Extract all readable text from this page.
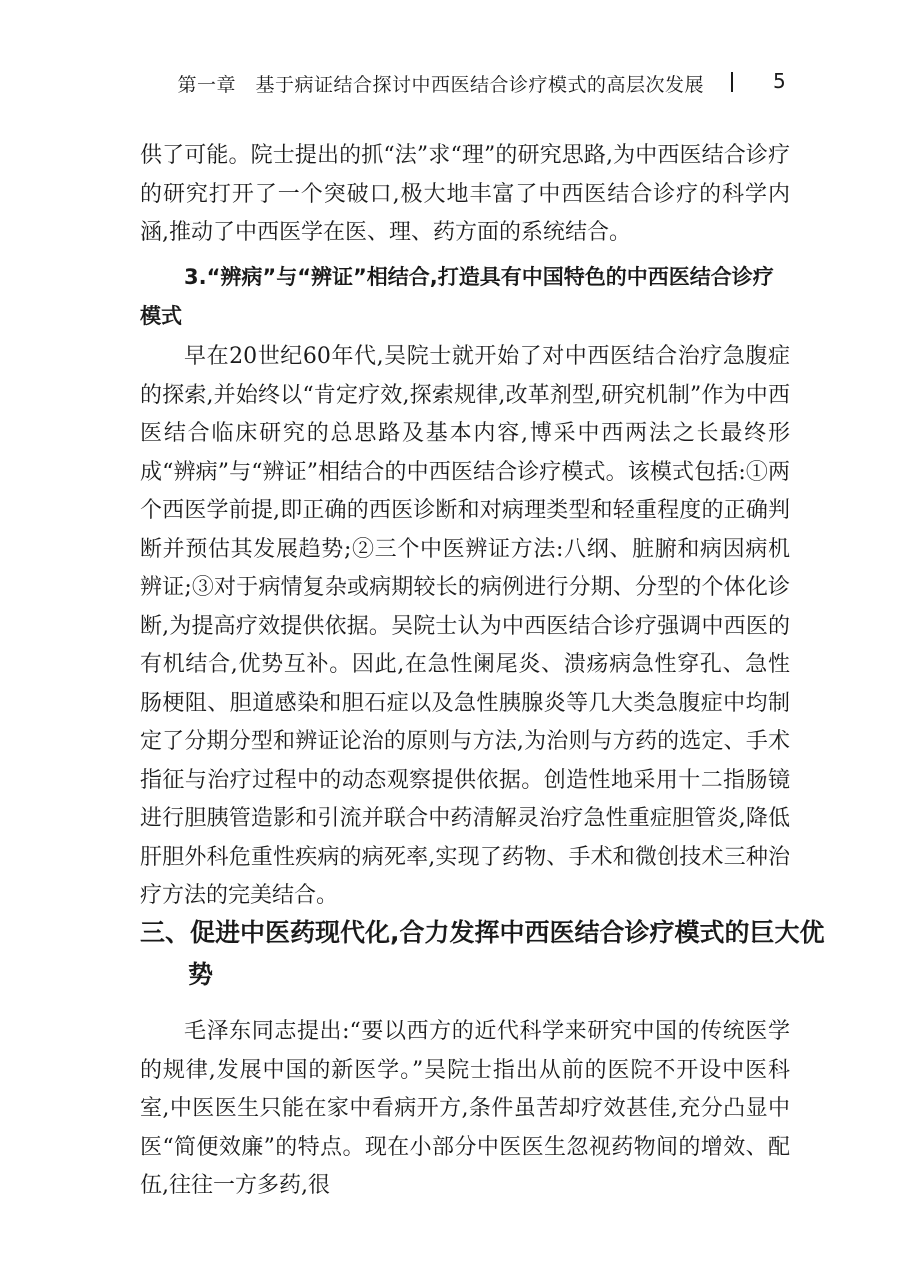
第一章　基于病证结合探讨中西医结合诊疗模式的高层次发展	5

供了可能。院士提出的抓“法”求“理”的研究思路,为中西医结合诊疗的研究打开了一个突破口,极大地丰富了中西医结合诊疗的科学内涵,推动了中西医学在医、理、药方面的系统结合。

3.“辨病”与“辨证”相结合,打造具有中国特色的中西医结合诊疗模式

早在20世纪60年代,吴院士就开始了对中西医结合治疗急腹症的探索,并始终以“肯定疗效,探索规律,改革剂型,研究机制”作为中西医结合临床研究的总思路及基本内容,博采中西两法之长最终形成“辨病”与“辨证”相结合的中西医结合诊疗模式。该模式包括:①两个西医学前提,即正确的西医诊断和对病理类型和轻重程度的正确判断并预估其发展趋势;②三个中医辨证方法:八纲、脏腑和病因病机辨证;③对于病情复杂或病期较长的病例进行分期、分型的个体化诊断,为提高疗效提供依据。吴院士认为中西医结合诊疗强调中西医的有机结合,优势互补。因此,在急性阑尾炎、溃疡病急性穿孔、急性肠梗阻、胆道感染和胆石症以及急性胰腺炎等几大类急腹症中均制定了分期分型和辨证论治的原则与方法,为治则与方药的选定、手术指征与治疗过程中的动态观察提供依据。创造性地采用十二指肠镜进行胆胰管造影和引流并联合中药清解灵治疗急性重症胆管炎,降低肝胆外科危重性疾病的病死率,实现了药物、手术和微创技术三种治疗方法的完美结合。

三、促进中医药现代化,合力发挥中西医结合诊疗模式的巨大优势

毛泽东同志提出:“要以西方的近代科学来研究中国的传统医学的规律,发展中国的新医学。”吴院士指出从前的医院不开设中医科室,中医医生只能在家中看病开方,条件虽苦却疗效甚佳,充分凸显中医“简便效廉”的特点。现在小部分中医医生忽视药物间的增效、配伍,往往一方多药,很
